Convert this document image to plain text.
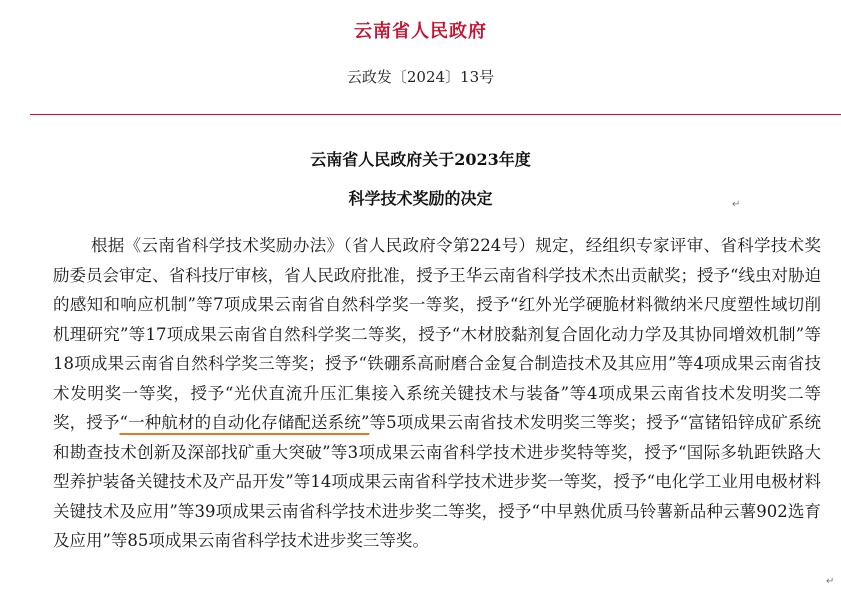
云南省人民政府
云政发〔2024〕13号
云南省人民政府关于2023年度
科学技术奖励的决定	↵

根据《云南省科学技术奖励办法》（省人民政府令第224号）规定，经组织专家评审、省科学技术奖励委员会审定、省科技厅审核，省人民政府批准，授予王华云南省科学技术杰出贡献奖；授予“线虫对胁迫的感知和响应机制”等7项成果云南省自然科学奖一等奖，授予“红外光学硬脆材料微纳米尺度塑性域切削机理研究”等17项成果云南省自然科学奖二等奖，授予“木材胶黏剂复合固化动力学及其协同增效机制”等18项成果云南省自然科学奖三等奖；授予“铁硼系高耐磨合金复合制造技术及其应用”等4项成果云南省技术发明奖一等奖，授予“光伏直流升压汇集接入系统关键技术与装备”等4项成果云南省技术发明奖二等奖，授予“一种航材的自动化存储配送系统”等5项成果云南省技术发明奖三等奖；授予“富锗铅锌成矿系统和勘查技术创新及深部找矿重大突破”等3项成果云南省科学技术进步奖特等奖，授予“国际多轨距铁路大型养护装备关键技术及产品开发”等14项成果云南省科学技术进步奖一等奖，授予“电化学工业用电极材料关键技术及应用”等39项成果云南省科学技术进步奖二等奖，授予“中早熟优质马铃薯新品种云薯902选育及应用”等85项成果云南省科学技术进步奖三等奖。

↵
